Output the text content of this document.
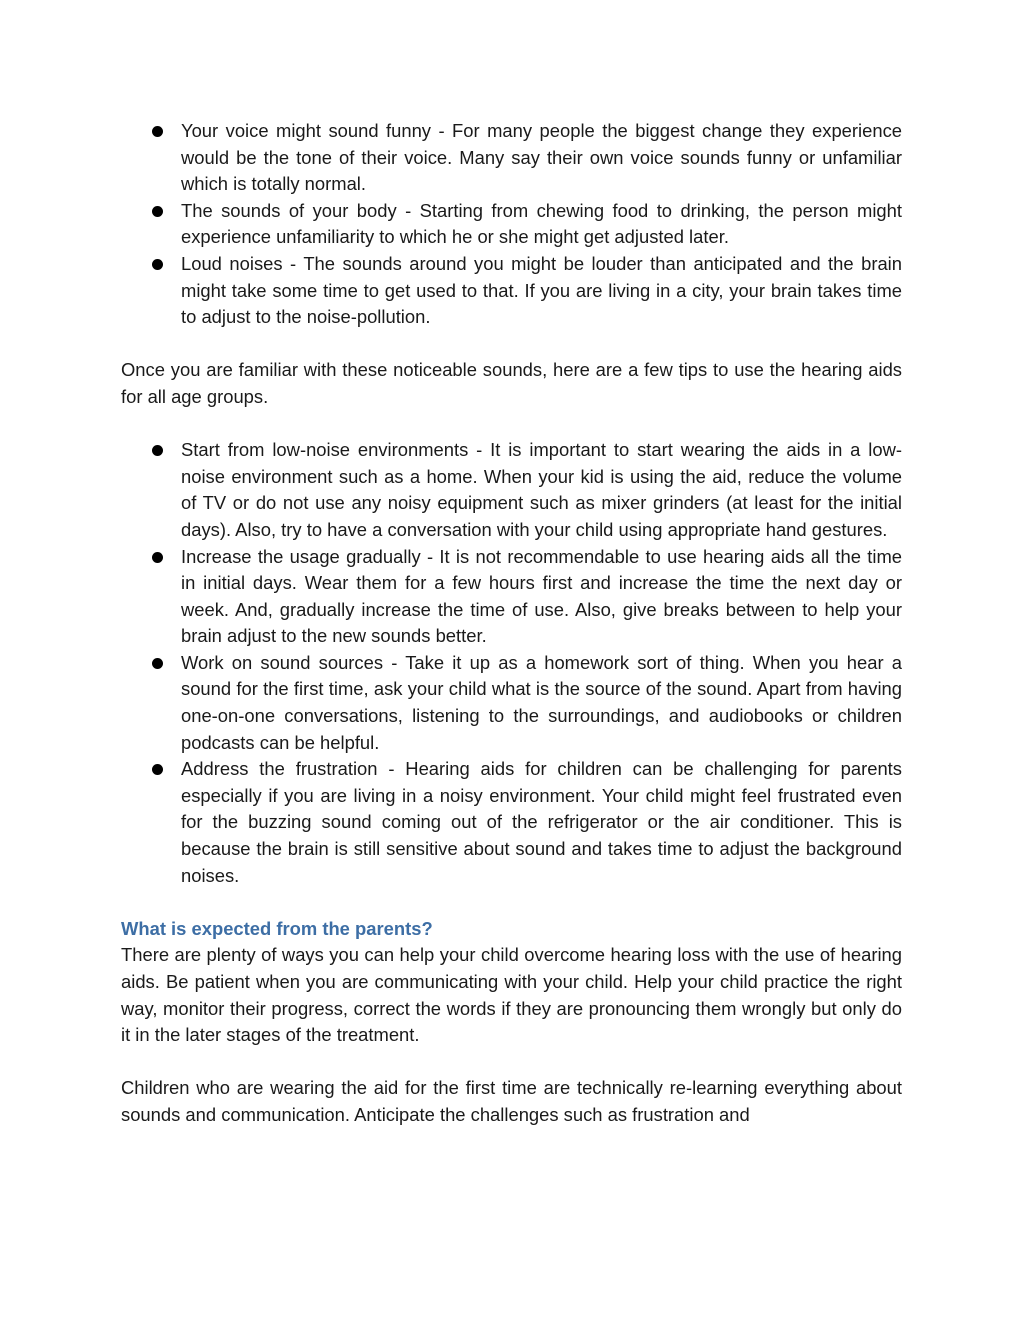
Your voice might sound funny - For many people the biggest change they experience would be the tone of their voice. Many say their own voice sounds funny or unfamiliar which is totally normal.
The sounds of your body - Starting from chewing food to drinking, the person might experience unfamiliarity to which he or she might get adjusted later.
Loud noises - The sounds around you might be louder than anticipated and the brain might take some time to get used to that. If you are living in a city, your brain takes time to adjust to the noise-pollution.

Once you are familiar with these noticeable sounds, here are a few tips to use the hearing aids for all age groups.

Start from low-noise environments - It is important to start wearing the aids in a low-noise environment such as a home. When your kid is using the aid, reduce the volume of TV or do not use any noisy equipment such as mixer grinders (at least for the initial days). Also, try to have a conversation with your child using appropriate hand gestures.
Increase the usage gradually - It is not recommendable to use hearing aids all the time in initial days. Wear them for a few hours first and increase the time the next day or week. And, gradually increase the time of use. Also, give breaks between to help your brain adjust to the new sounds better.
Work on sound sources - Take it up as a homework sort of thing. When you hear a sound for the first time, ask your child what is the source of the sound. Apart from having one-on-one conversations, listening to the surroundings, and audiobooks or children podcasts can be helpful.
Address the frustration - Hearing aids for children can be challenging for parents especially if you are living in a noisy environment. Your child might feel frustrated even for the buzzing sound coming out of the refrigerator or the air conditioner. This is because the brain is still sensitive about sound and takes time to adjust the background noises.

What is expected from the parents?

There are plenty of ways you can help your child overcome hearing loss with the use of hearing aids. Be patient when you are communicating with your child. Help your child practice the right way, monitor their progress, correct the words if they are pronouncing them wrongly but only do it in the later stages of the treatment.

Children who are wearing the aid for the first time are technically re-learning everything about sounds and communication. Anticipate the challenges such as frustration and
